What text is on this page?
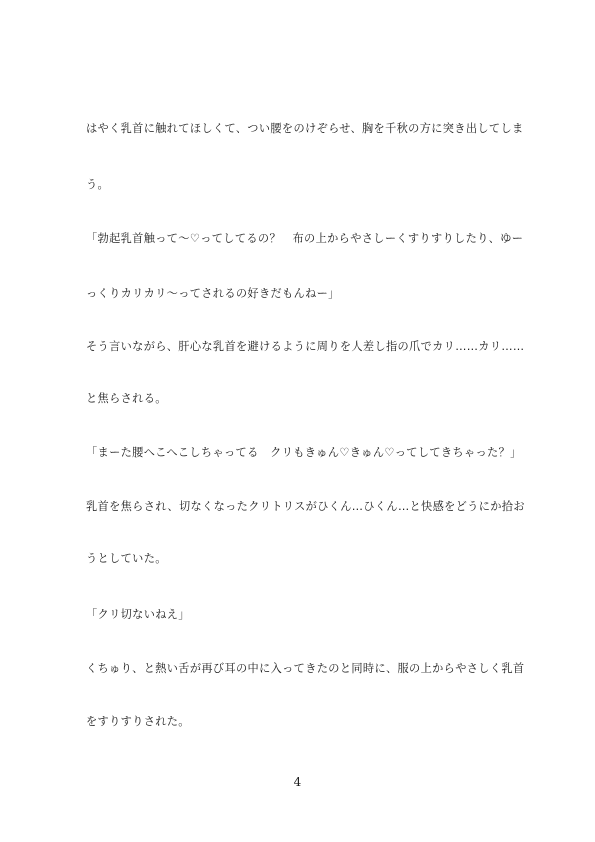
はやく乳首に触れてほしくて、つい腰をのけぞらせ、胸を千秋の方に突き出してしま
う。
「勃起乳首触って〜♡ってしてるの？　布の上からやさしーくすりすりしたり、ゆー
っくりカリカリ〜ってされるの好きだもんねー」
そう言いながら、肝心な乳首を避けるように周りを人差し指の爪でカリ……カリ……
と焦らされる。
「まーた腰へこへこしちゃってる　クリもきゅん♡きゅん♡ってしてきちゃった？」
乳首を焦らされ、切なくなったクリトリスがひくん…ひくん…と快感をどうにか拾お
うとしていた。
「クリ切ないねえ」
くちゅり、と熱い舌が再び耳の中に入ってきたのと同時に、服の上からやさしく乳首
をすりすりされた。
4
